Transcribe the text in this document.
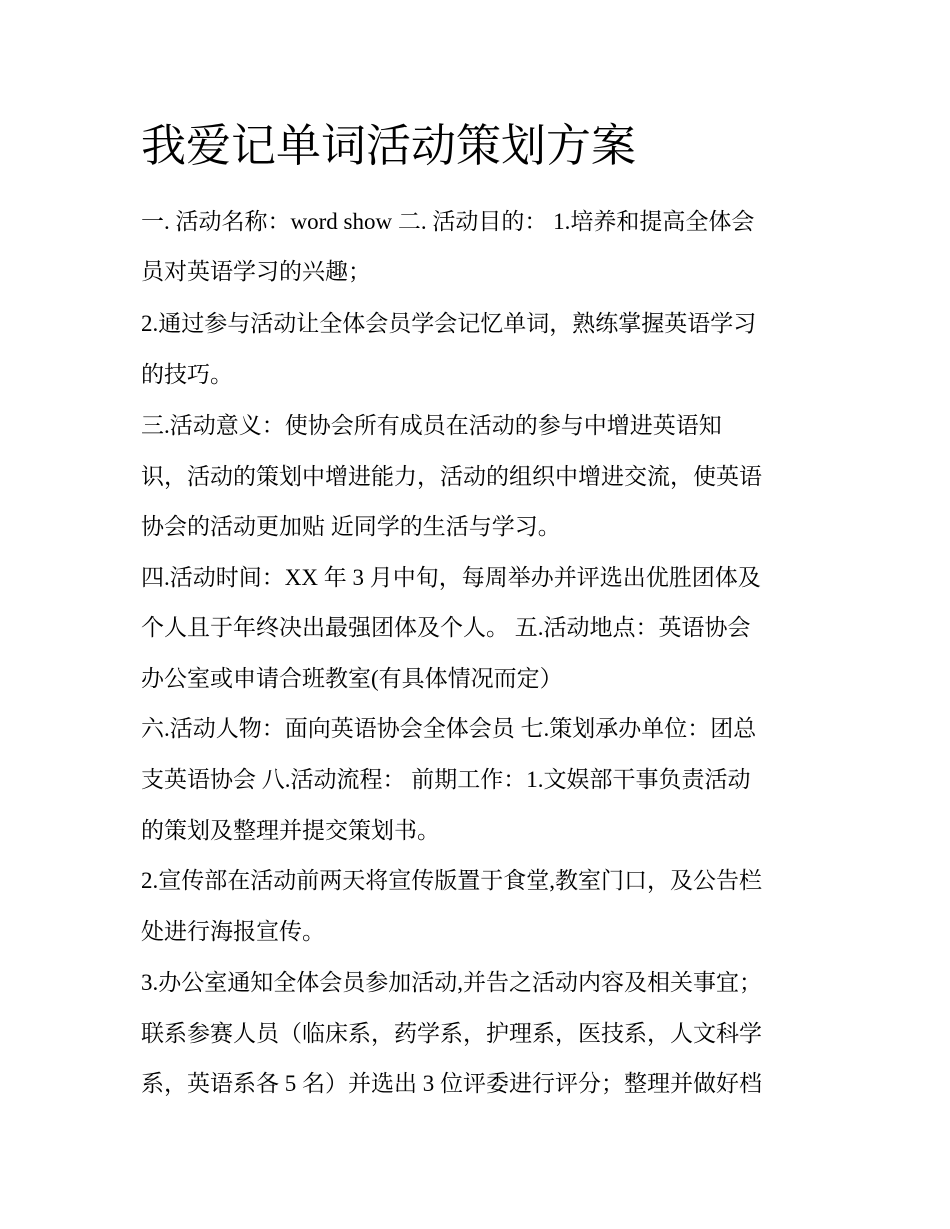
我爱记单词活动策划方案

一. 活动名称：word show 二. 活动目的： 1.培养和提高全体会

员对英语学习的兴趣；

2.通过参与活动让全体会员学会记忆单词，熟练掌握英语学习

的技巧。

三.活动意义：使协会所有成员在活动的参与中增进英语知

识，活动的策划中增进能力，活动的组织中增进交流，使英语

协会的活动更加贴 近同学的生活与学习。

四.活动时间：XX 年 3 月中旬，每周举办并评选出优胜团体及

个人且于年终决出最强团体及个人。 五.活动地点：英语协会

办公室或申请合班教室(有具体情况而定）

六.活动人物：面向英语协会全体会员 七.策划承办单位：团总

支英语协会 八.活动流程： 前期工作：1.文娱部干事负责活动

的策划及整理并提交策划书。

2.宣传部在活动前两天将宣传版置于食堂,教室门口，及公告栏

处进行海报宣传。

3.办公室通知全体会员参加活动,并告之活动内容及相关事宜；

联系参赛人员（临床系，药学系，护理系，医技系，人文科学

系，英语系各 5 名）并选出 3 位评委进行评分；整理并做好档
